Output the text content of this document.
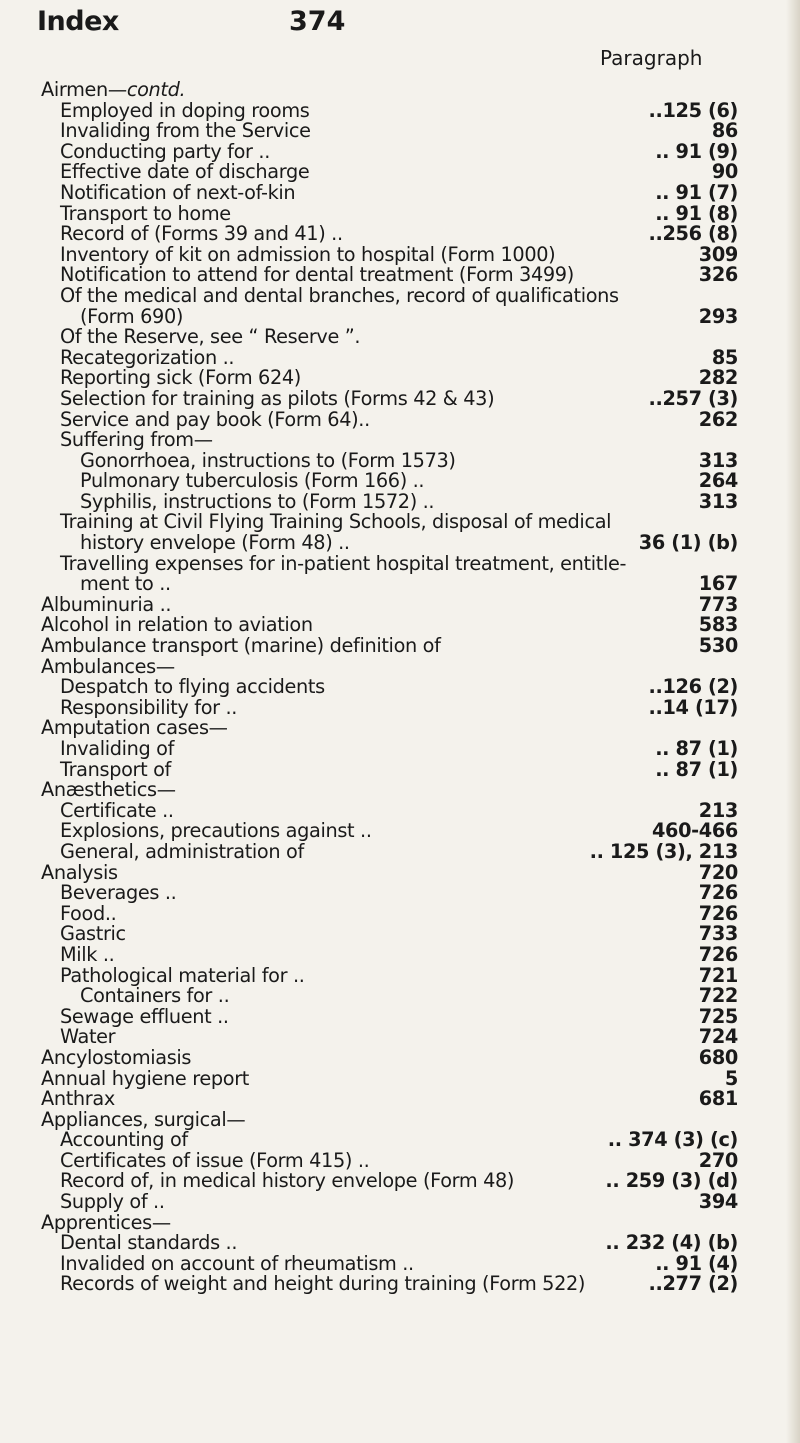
Index	374
Paragraph
Airmen—contd.
Employed in doping rooms	..125 (6)
Invaliding from the Service	86
Conducting party for ..	.. 91 (9)
Effective date of discharge	90
Notification of next-of-kin	.. 91 (7)
Transport to home	.. 91 (8)
Record of (Forms 39 and 41) ..	..256 (8)
Inventory of kit on admission to hospital (Form 1000)	309
Notification to attend for dental treatment (Form 3499)	326
Of the medical and dental branches, record of qualifications
(Form 690)	293
Of the Reserve, see “ Reserve ”.
Recategorization ..	85
Reporting sick (Form 624)	282
Selection for training as pilots (Forms 42 & 43)	..257 (3)
Service and pay book (Form 64)..	262
Suffering from—
Gonorrhoea, instructions to (Form 1573)	313
Pulmonary tuberculosis (Form 166) ..	264
Syphilis, instructions to (Form 1572) ..	313
Training at Civil Flying Training Schools, disposal of medical
history envelope (Form 48) ..	36 (1) (b)
Travelling expenses for in-patient hospital treatment, entitle-
ment to ..	167
Albuminuria ..	773
Alcohol in relation to aviation	583
Ambulance transport (marine) definition of	530
Ambulances—
Despatch to flying accidents	..126 (2)
Responsibility for ..	..14 (17)
Amputation cases—
Invaliding of	.. 87 (1)
Transport of	.. 87 (1)
Anæsthetics—
Certificate ..	213
Explosions, precautions against ..	460-466
General, administration of	.. 125 (3), 213
Analysis	720
Beverages ..	726
Food..	726
Gastric	733
Milk ..	726
Pathological material for ..	721
Containers for ..	722
Sewage effluent ..	725
Water	724
Ancylostomiasis	680
Annual hygiene report	5
Anthrax	681
Appliances, surgical—
Accounting of	.. 374 (3) (c)
Certificates of issue (Form 415) ..	270
Record of, in medical history envelope (Form 48)	.. 259 (3) (d)
Supply of ..	394
Apprentices—
Dental standards ..	.. 232 (4) (b)
Invalided on account of rheumatism ..	.. 91 (4)
Records of weight and height during training (Form 522)	..277 (2)
